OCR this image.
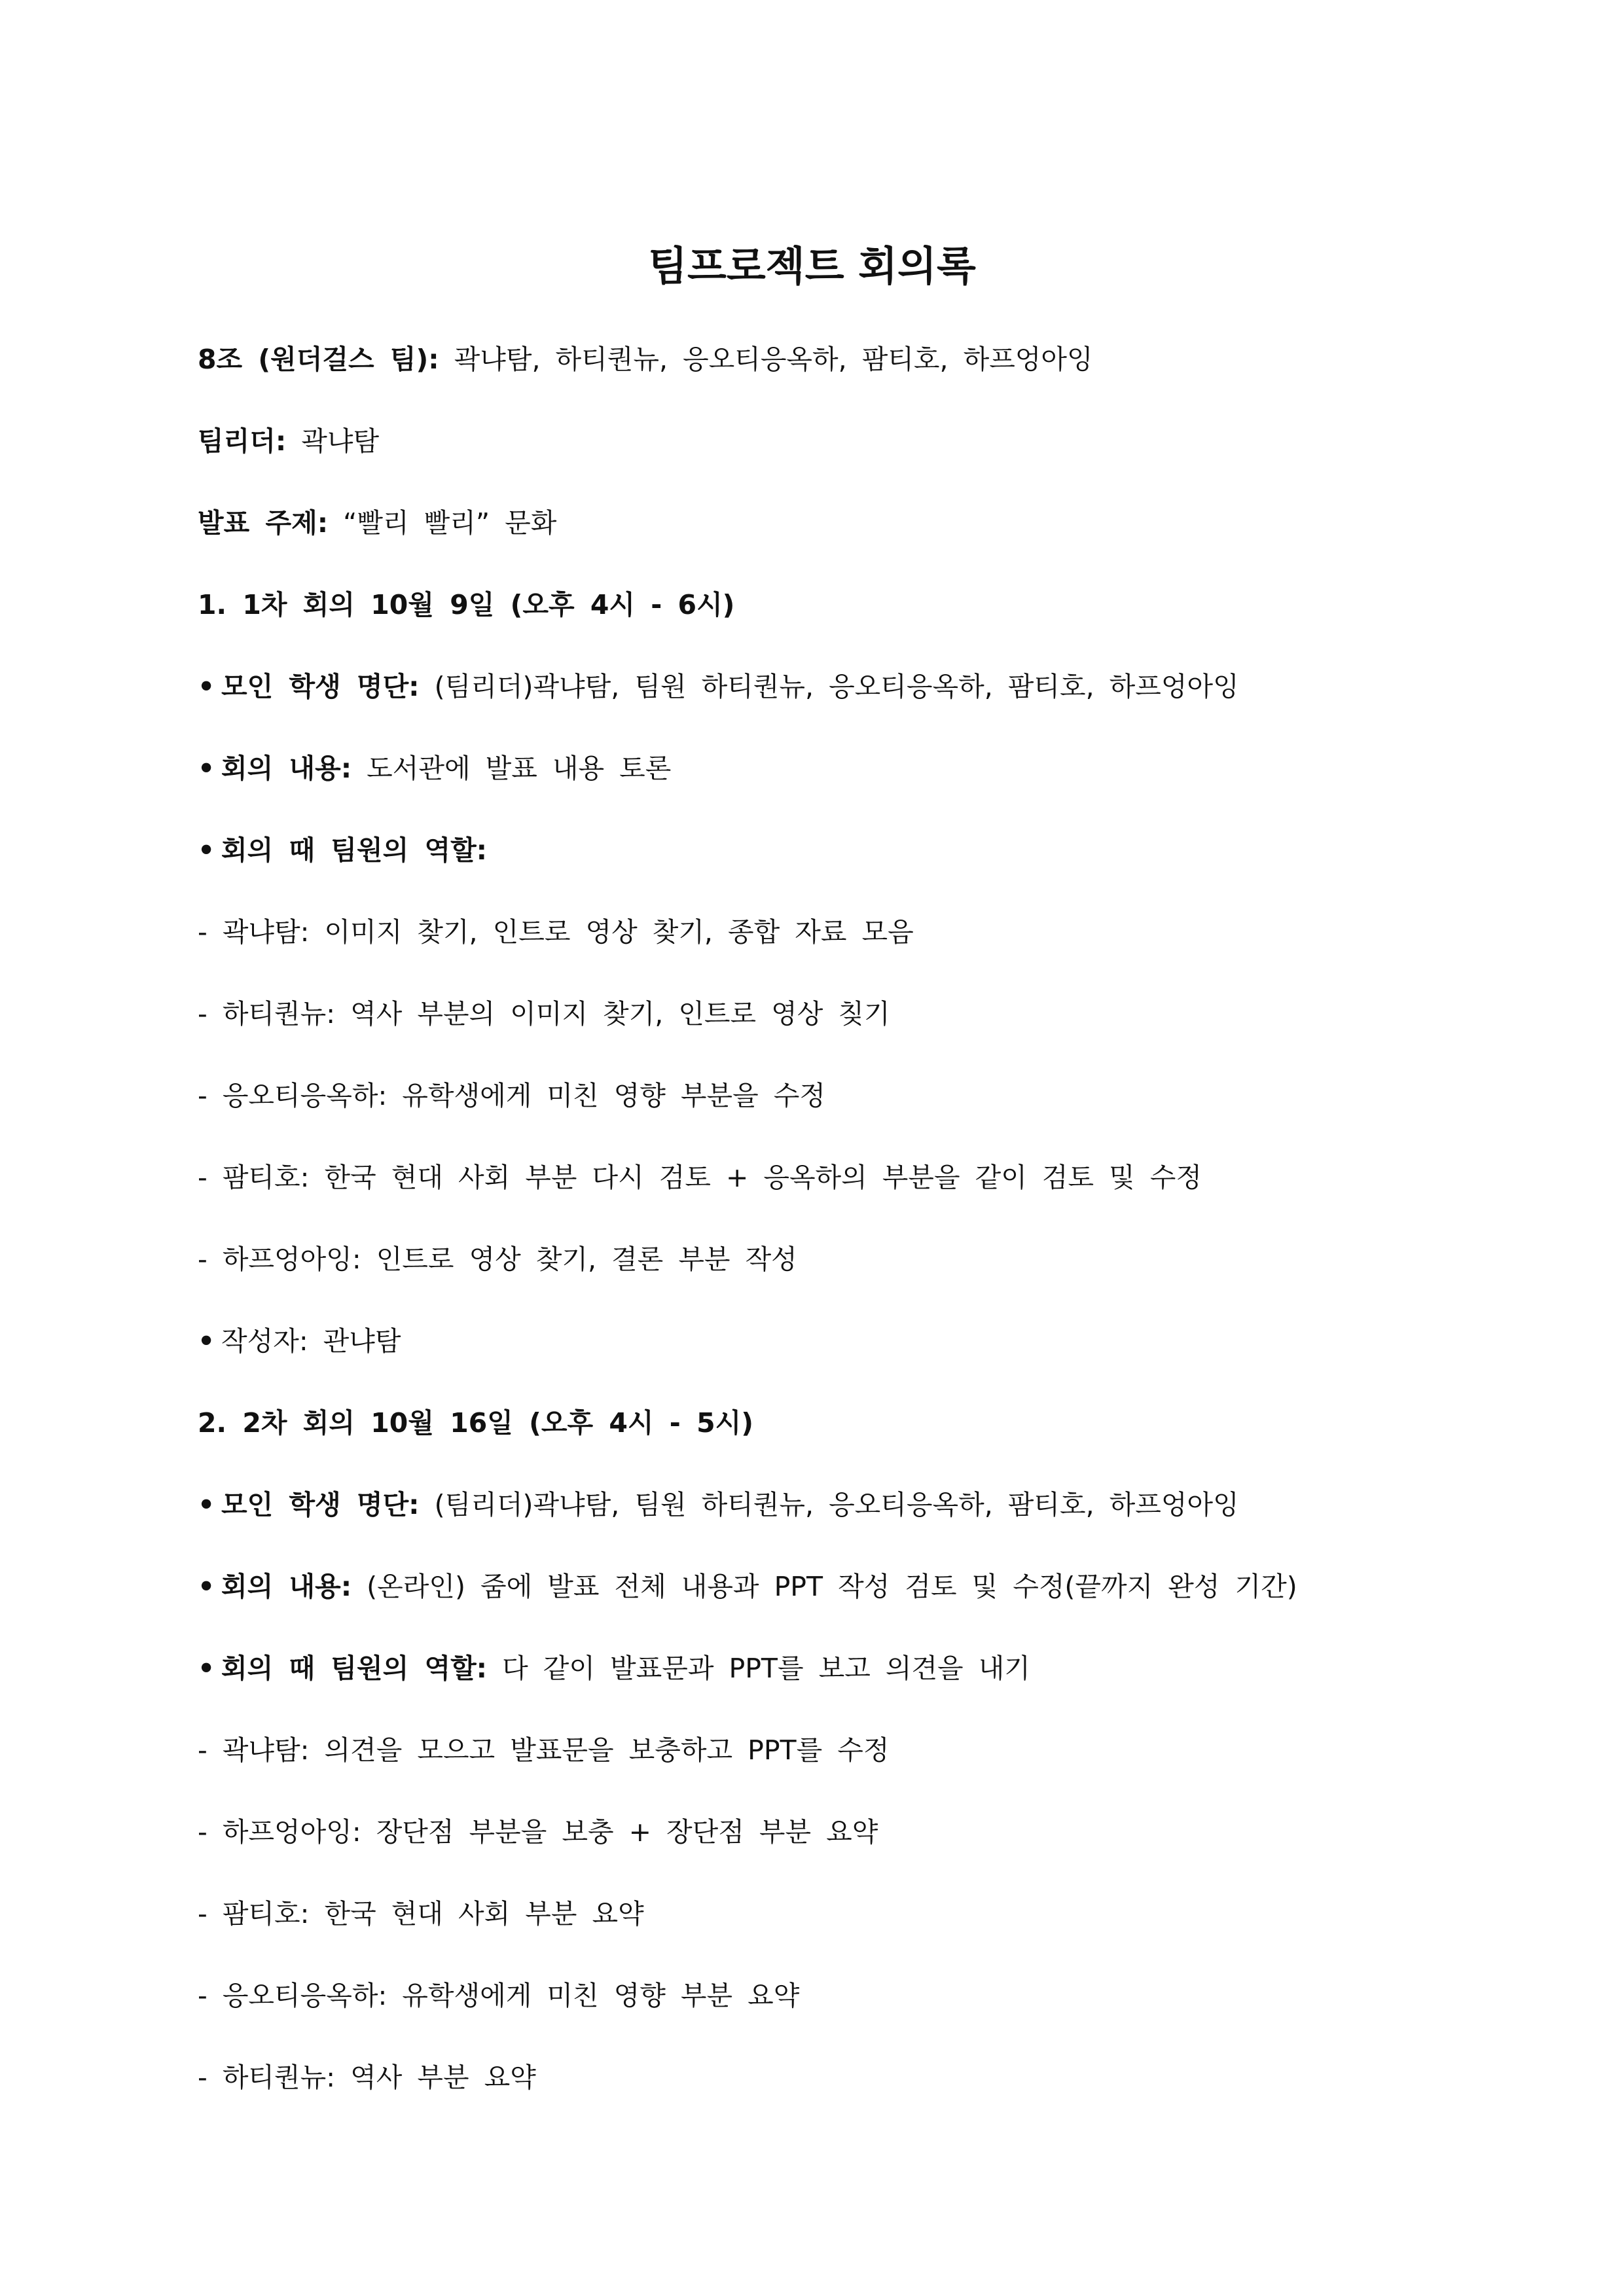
팀프로젝트 회의록
8조 (원더걸스 팀): 곽냐탐, 하티퀀뉴, 응오티응옥하, 팜티호, 하프엉아잉
팀리더: 곽냐탐
발표 주제: “빨리 빨리” 문화
1. 1차 회의 10월 9일 (오후 4시 - 6시)
• 모인 학생 명단: (팀리더)곽냐탐, 팀원 하티퀀뉴, 응오티응옥하, 팜티호, 하프엉아잉
• 회의 내용: 도서관에 발표 내용 토론
• 회의 때 팀원의 역할:
- 곽냐탐: 이미지 찾기, 인트로 영상 찾기, 종합 자료 모음
- 하티퀀뉴: 역사 부분의 이미지 찾기, 인트로 영상 칮기
- 응오티응옥하: 유학생에게 미친 영향 부분을 수정
- 팜티호: 한국 현대 사회 부분 다시 검토 + 응옥하의 부분을 같이 검토 및 수정
- 하프엉아잉: 인트로 영상 찾기, 결론 부분 작성
• 작성자: 관냐탐
2. 2차 회의 10월 16일 (오후 4시 - 5시)
• 모인 학생 명단: (팀리더)곽냐탐, 팀원 하티퀀뉴, 응오티응옥하, 팜티호, 하프엉아잉
• 회의 내용: (온라인) 줌에 발표 전체 내용과 PPT 작성 검토 및 수정(끝까지 완성 기간)
• 회의 때 팀원의 역할: 다 같이 발표문과 PPT를 보고 의견을 내기
- 곽냐탐: 의견을 모으고 발표문을 보충하고 PPT를 수정
- 하프엉아잉: 장단점 부분을 보충 + 장단점 부분 요약
- 팜티호: 한국 현대 사회 부분 요약
- 응오티응옥하: 유학생에게 미친 영향 부분 요약
- 하티퀀뉴: 역사 부분 요약
